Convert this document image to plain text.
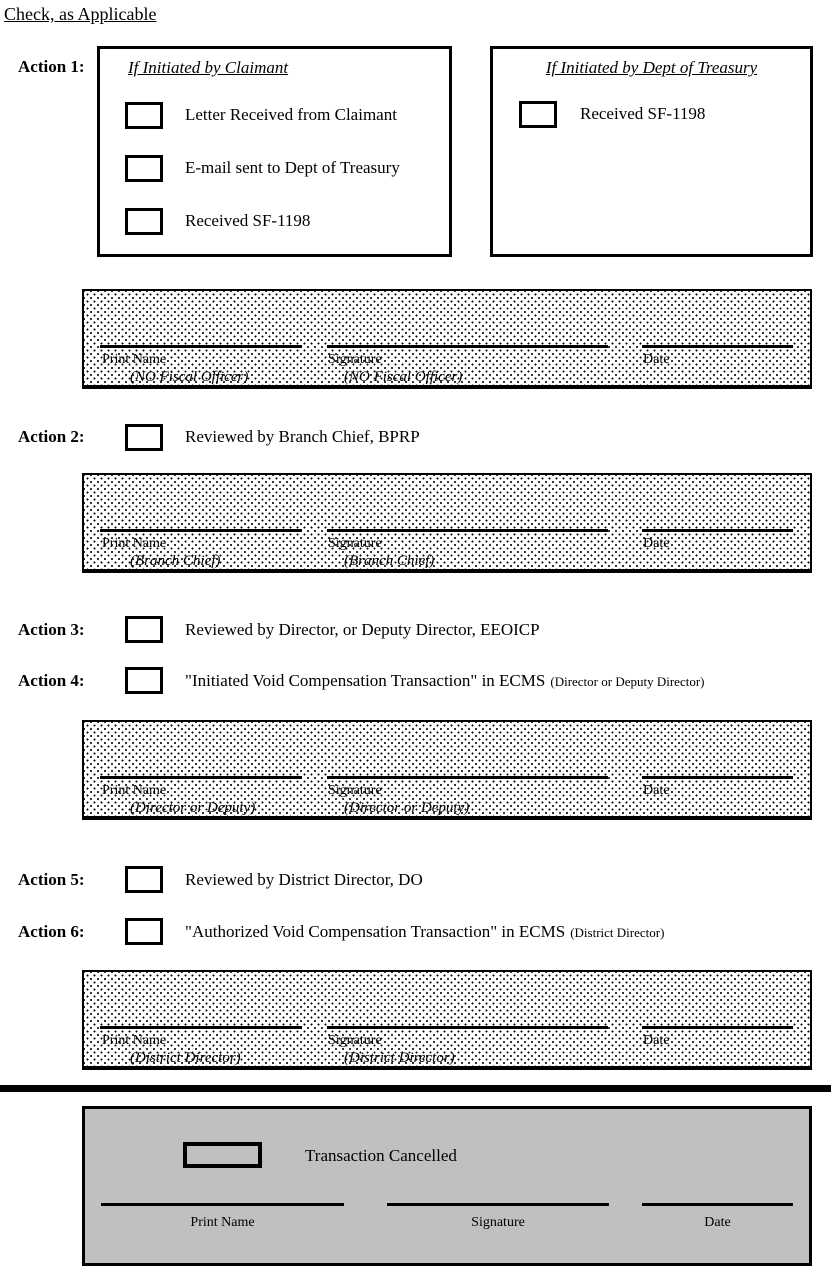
Check, as Applicable
Action 1:	If Initiated by Claimant
Letter Received from Claimant
E-mail sent to Dept of Treasury
Received SF-1198
If Initiated by Dept of Treasury
Received SF-1198
Print Name	Signature	Date
(NO Fiscal Officer)	(NO Fiscal Officer)
Action 2:	Reviewed by Branch Chief, BPRP
Print Name	Signature	Date
(Branch Chief)	(Branch Chief)
Action 3:	Reviewed by Director, or Deputy Director, EEOICP
Action 4:	"Initiated Void Compensation Transaction" in ECMS (Director or Deputy Director)
Print Name	Signature	Date
(Director or Deputy)	(Director or Deputy)
Action 5:	Reviewed by District Director, DO
Action 6:	"Authorized Void Compensation Transaction" in ECMS (District Director)
Print Name	Signature	Date
(District Director)	(District Director)
Transaction Cancelled
Print Name	Signature	Date
